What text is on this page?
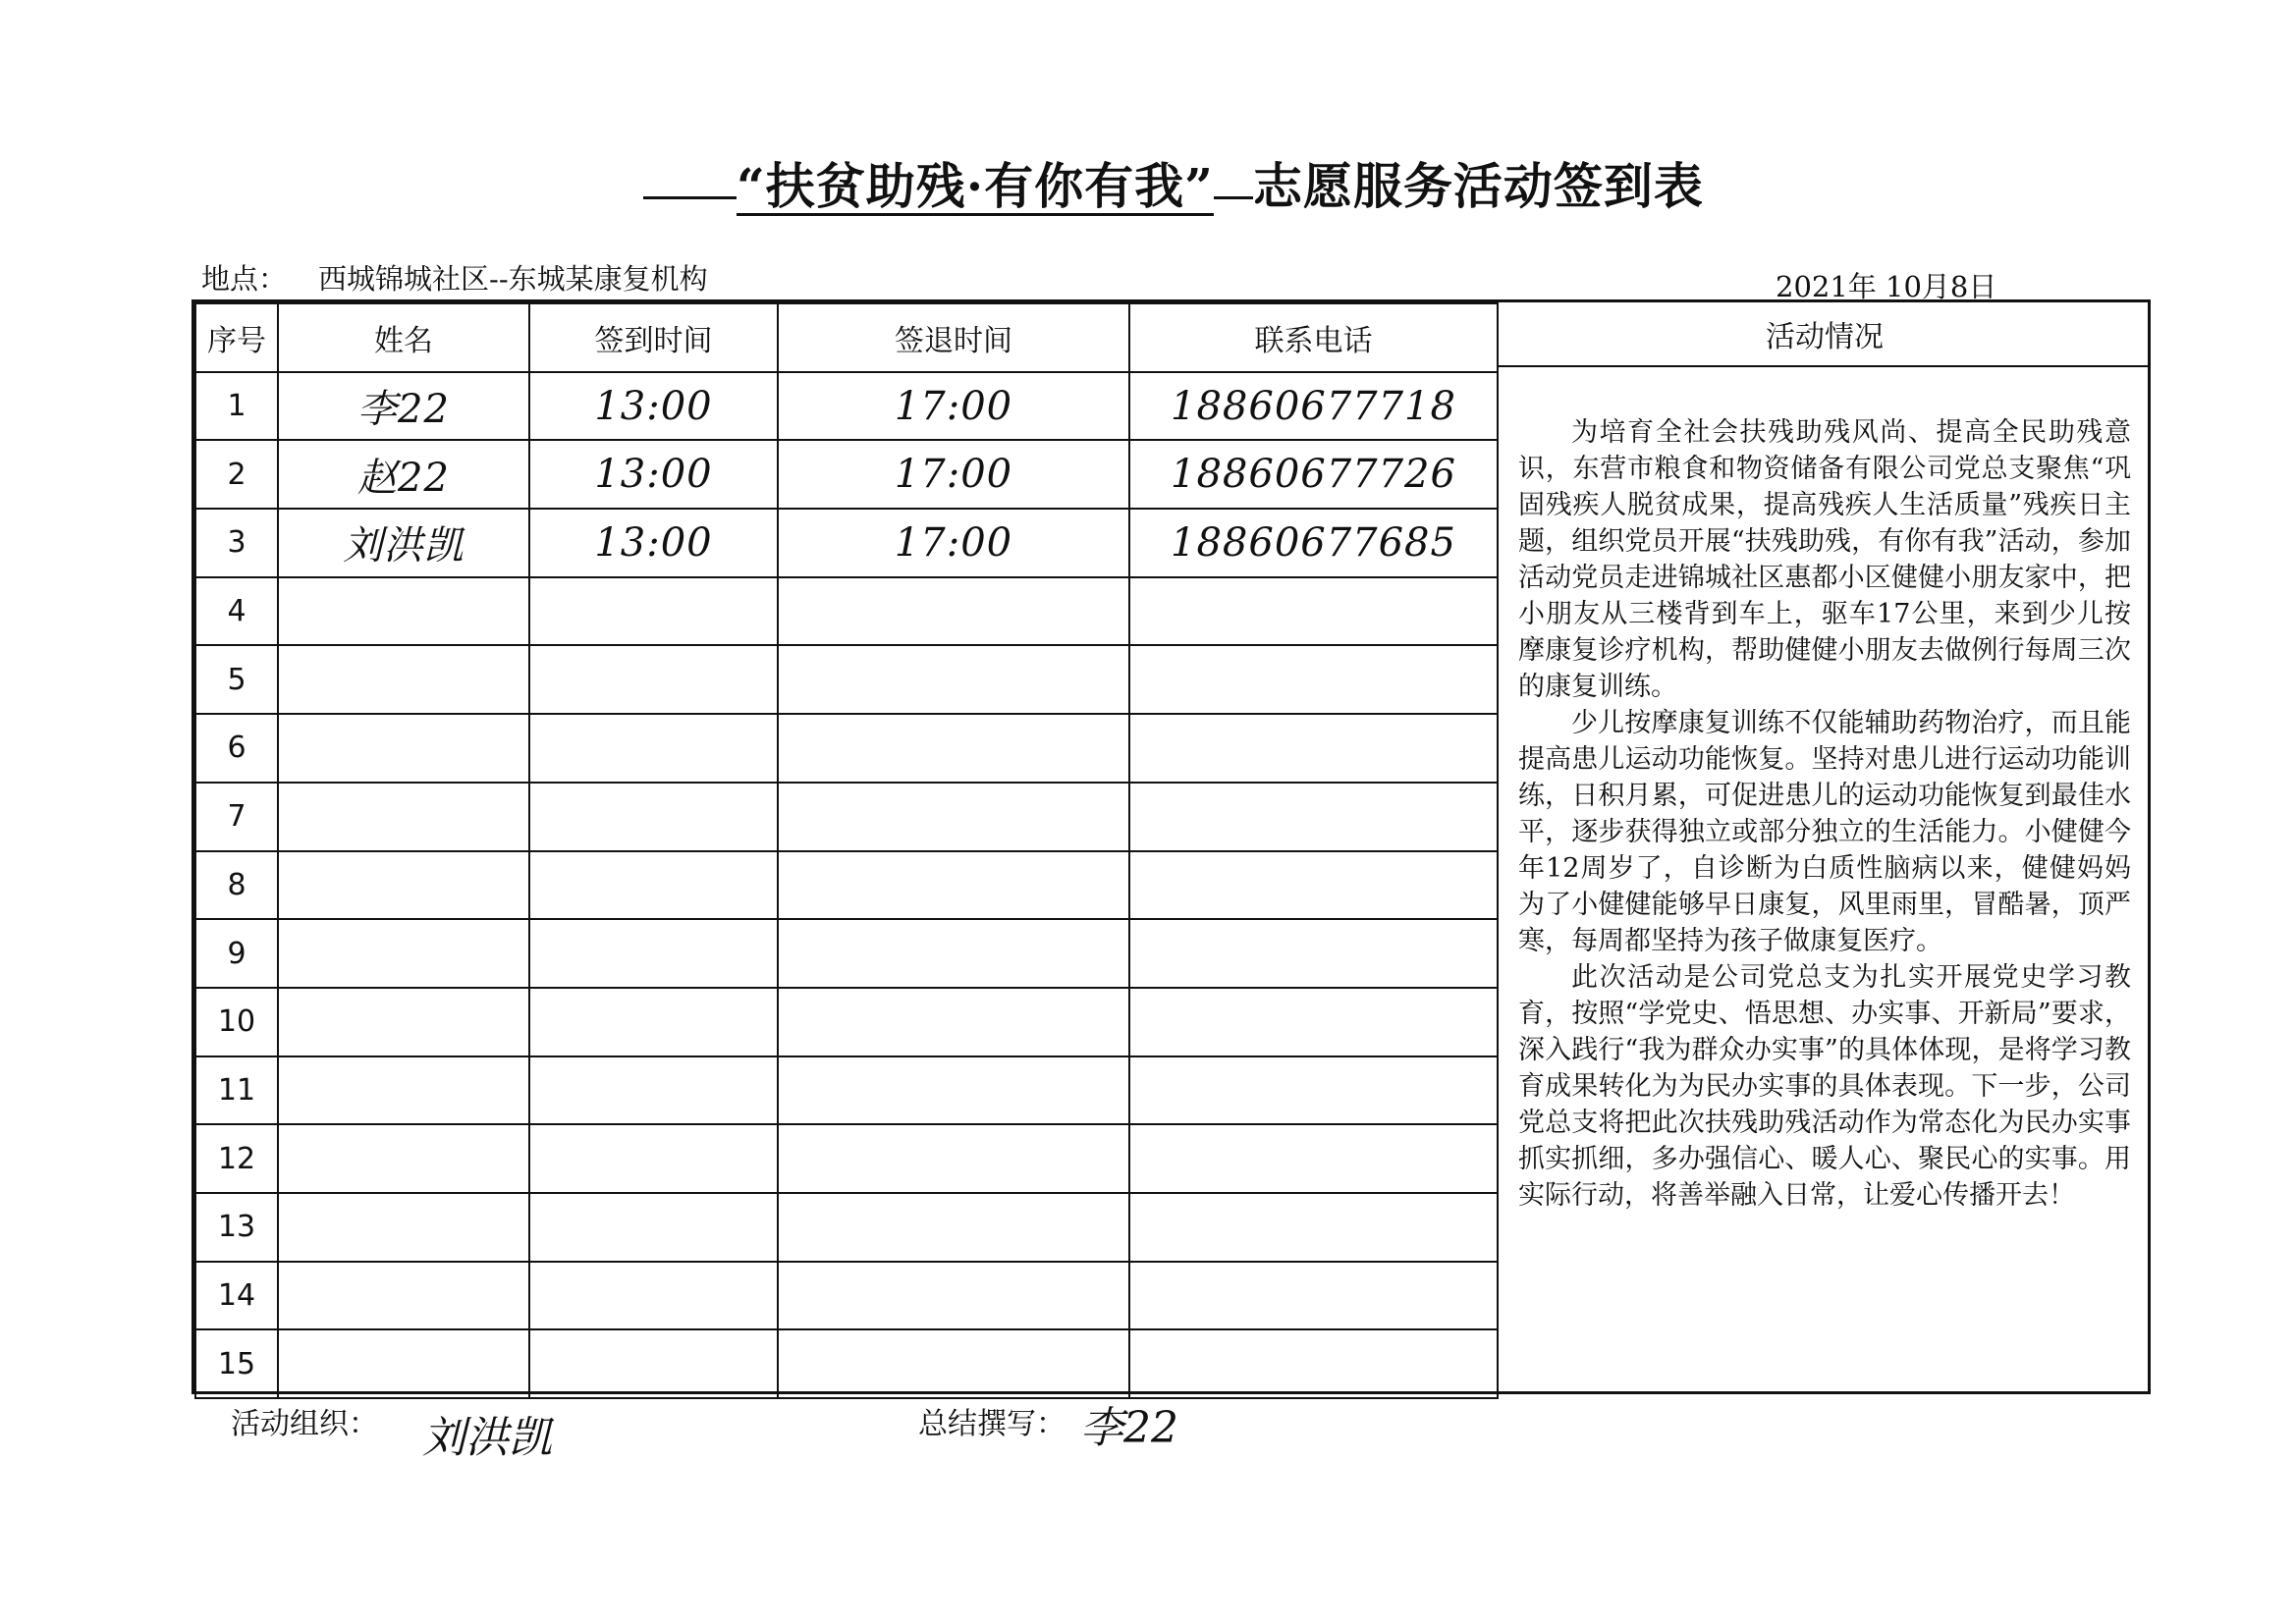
“扶贫助残·有你有我” 志愿服务活动签到表
地点： 西城锦城社区--东城某康复机构	2021年 10月8日
序号	姓名	签到时间	签退时间	联系电话
1	李22	13:00	17:00	18860677718
2	赵22	13:00	17:00	18860677726
3	刘洪凯	13:00	17:00	18860677685
4				
5				
6				
7				
8				
9				
10				
11				
12				
13				
14				
15				
活动情况

为培育全社会扶残助残风尚、提高全民助残意识，东营市粮食和物资储备有限公司党总支聚焦“巩固残疾人脱贫成果，提高残疾人生活质量”残疾日主题，组织党员开展“扶残助残，有你有我”活动，参加活动党员走进锦城社区惠都小区健健小朋友家中，把小朋友从三楼背到车上，驱车17公里，来到少儿按摩康复诊疗机构，帮助健健小朋友去做例行每周三次的康复训练。

少儿按摩康复训练不仅能辅助药物治疗，而且能提高患儿运动功能恢复。坚持对患儿进行运动功能训练，日积月累，可促进患儿的运动功能恢复到最佳水平，逐步获得独立或部分独立的生活能力。小健健今年12周岁了，自诊断为白质性脑病以来，健健妈妈为了小健健能够早日康复，风里雨里，冒酷暑，顶严寒，每周都坚持为孩子做康复医疗。

此次活动是公司党总支为扎实开展党史学习教育，按照“学党史、悟思想、办实事、开新局”要求，深入践行“我为群众办实事”的具体体现，是将学习教育成果转化为为民办实事的具体表现。下一步，公司党总支将把此次扶残助残活动作为常态化为民办实事抓实抓细，多办强信心、暖人心、聚民心的实事。用实际行动，将善举融入日常，让爱心传播开去！

活动组织： 刘洪凯	总结撰写： 李22
